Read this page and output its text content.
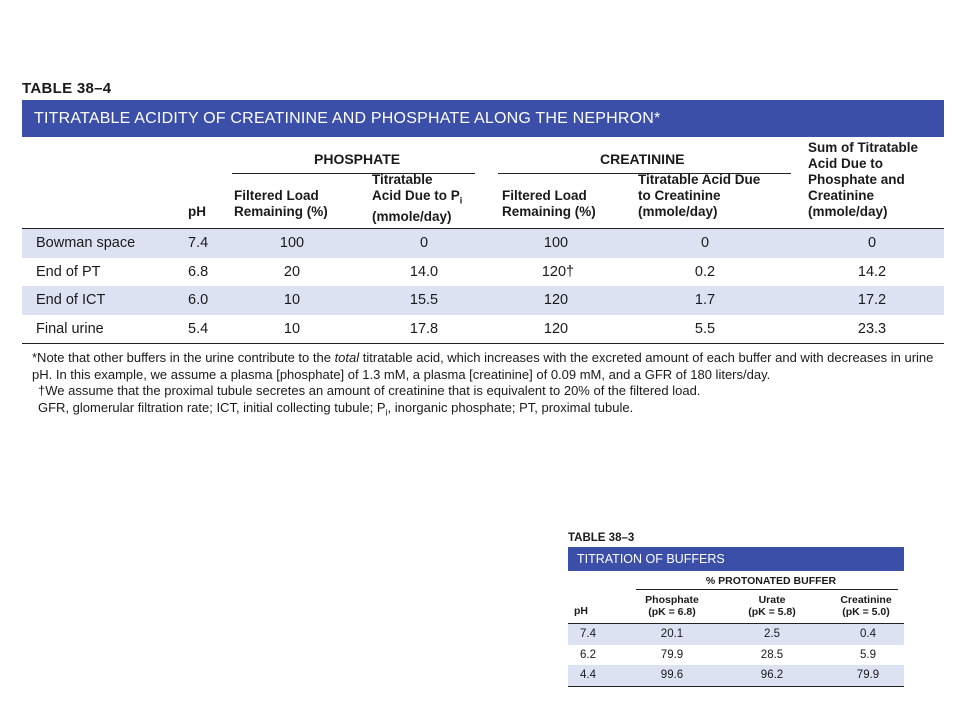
TABLE 38–4
TITRATABLE ACIDITY OF CREATININE AND PHOSPHATE ALONG THE NEPHRON*
PHOSPHATE	CREATININE
pH
Filtered Load
Remaining (%)
Titratable
Acid Due to $P_i$
(mmole/day)
Filtered Load
Remaining (%)
Titratable Acid Due
to Creatinine
(mmole/day)
Sum of Titratable
Acid Due to
Phosphate and
Creatinine
(mmole/day)
Bowman space	7.4	100	0	100	0	0
End of PT	6.8	20	14.0	120†	0.2	14.2
End of ICT	6.0	10	15.5	120	1.7	17.2
Final urine	5.4	10	17.8	120	5.5	23.3

*Note that other buffers in the urine contribute to the total titratable acid, which increases with the excreted amount of each buffer and with decreases in urine pH. In this example, we assume a plasma [phosphate] of 1.3 mM, a plasma [creatinine] of 0.09 mM, and a GFR of 180 liters/day.

†We assume that the proximal tubule secretes an amount of creatinine that is equivalent to 20% of the filtered load.

GFR, glomerular filtration rate; ICT, initial collecting tubule; $P_i$, inorganic phosphate; PT, proximal tubule.

TABLE 38–3
TITRATION OF BUFFERS
% PROTONATED BUFFER
pH
Phosphate
(pK = 6.8)
Urate
(pK = 5.8)
Creatinine
(pK = 5.0)
7.4	20.1	2.5	0.4
6.2	79.9	28.5	5.9
4.4	99.6	96.2	79.9
